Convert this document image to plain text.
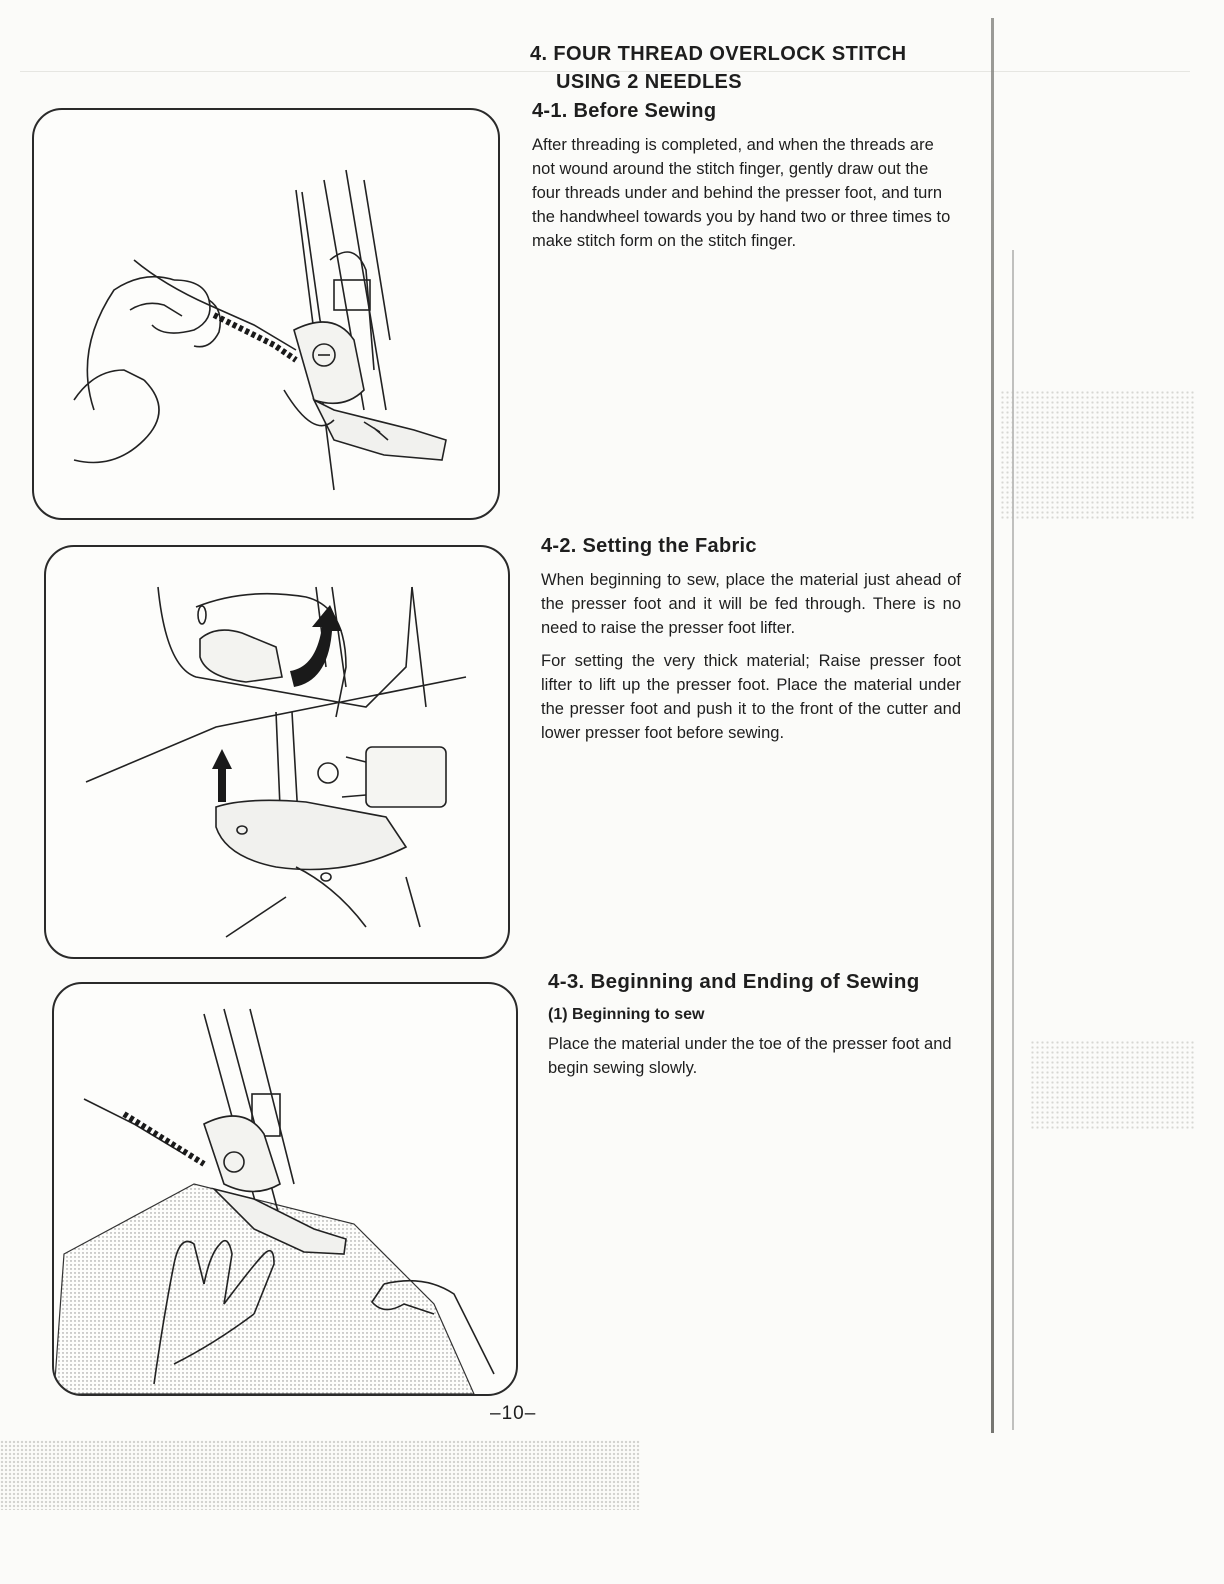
4. FOUR THREAD OVERLOCK STITCH
USING 2 NEEDLES
4-1. Before Sewing

After threading is completed, and when the threads are not wound around the stitch finger, gently draw out the four threads under and behind the presser foot, and turn the handwheel towards you by hand two or three times to make stitch form on the stitch finger.

4-2. Setting the Fabric

When beginning to sew, place the material just ahead of the presser foot and it will be fed through. There is no need to raise the presser foot lifter.

For setting the very thick material; Raise presser foot lifter to lift up the presser foot. Place the material under the presser foot and push it to the front of the cutter and lower presser foot before sewing.

4-3. Beginning and Ending of Sewing
(1) Beginning to sew

Place the material under the toe of the presser foot and begin sewing slowly.

–10–
